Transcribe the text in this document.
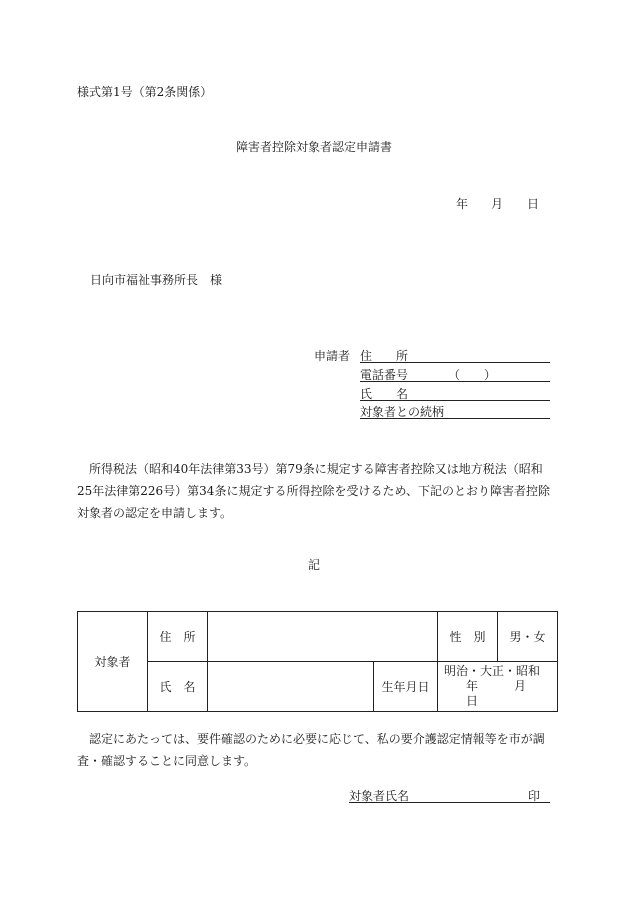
様式第1号（第2条関係）
障害者控除対象者認定申請書
年 月 日
日向市福祉事務所長　様
申請者 住　　所
電話番号	（　　）
氏　　名
対象者との続柄
所得税法（昭和40年法律第33号）第79条に規定する障害者控除又は地方税法（昭和25年法律第226号）第34条に規定する所得控除を受けるため、下記のとおり障害者控除対象者の認定を申請します。
記
対象者	住　所			性　別	男・女
	氏　名		生年月日	明治・大正・昭和
年　　　月　　　日	
認定にあたっては、要件確認のために必要に応じて、私の要介護認定情報等を市が調査・確認することに同意します。
対象者氏名	印
